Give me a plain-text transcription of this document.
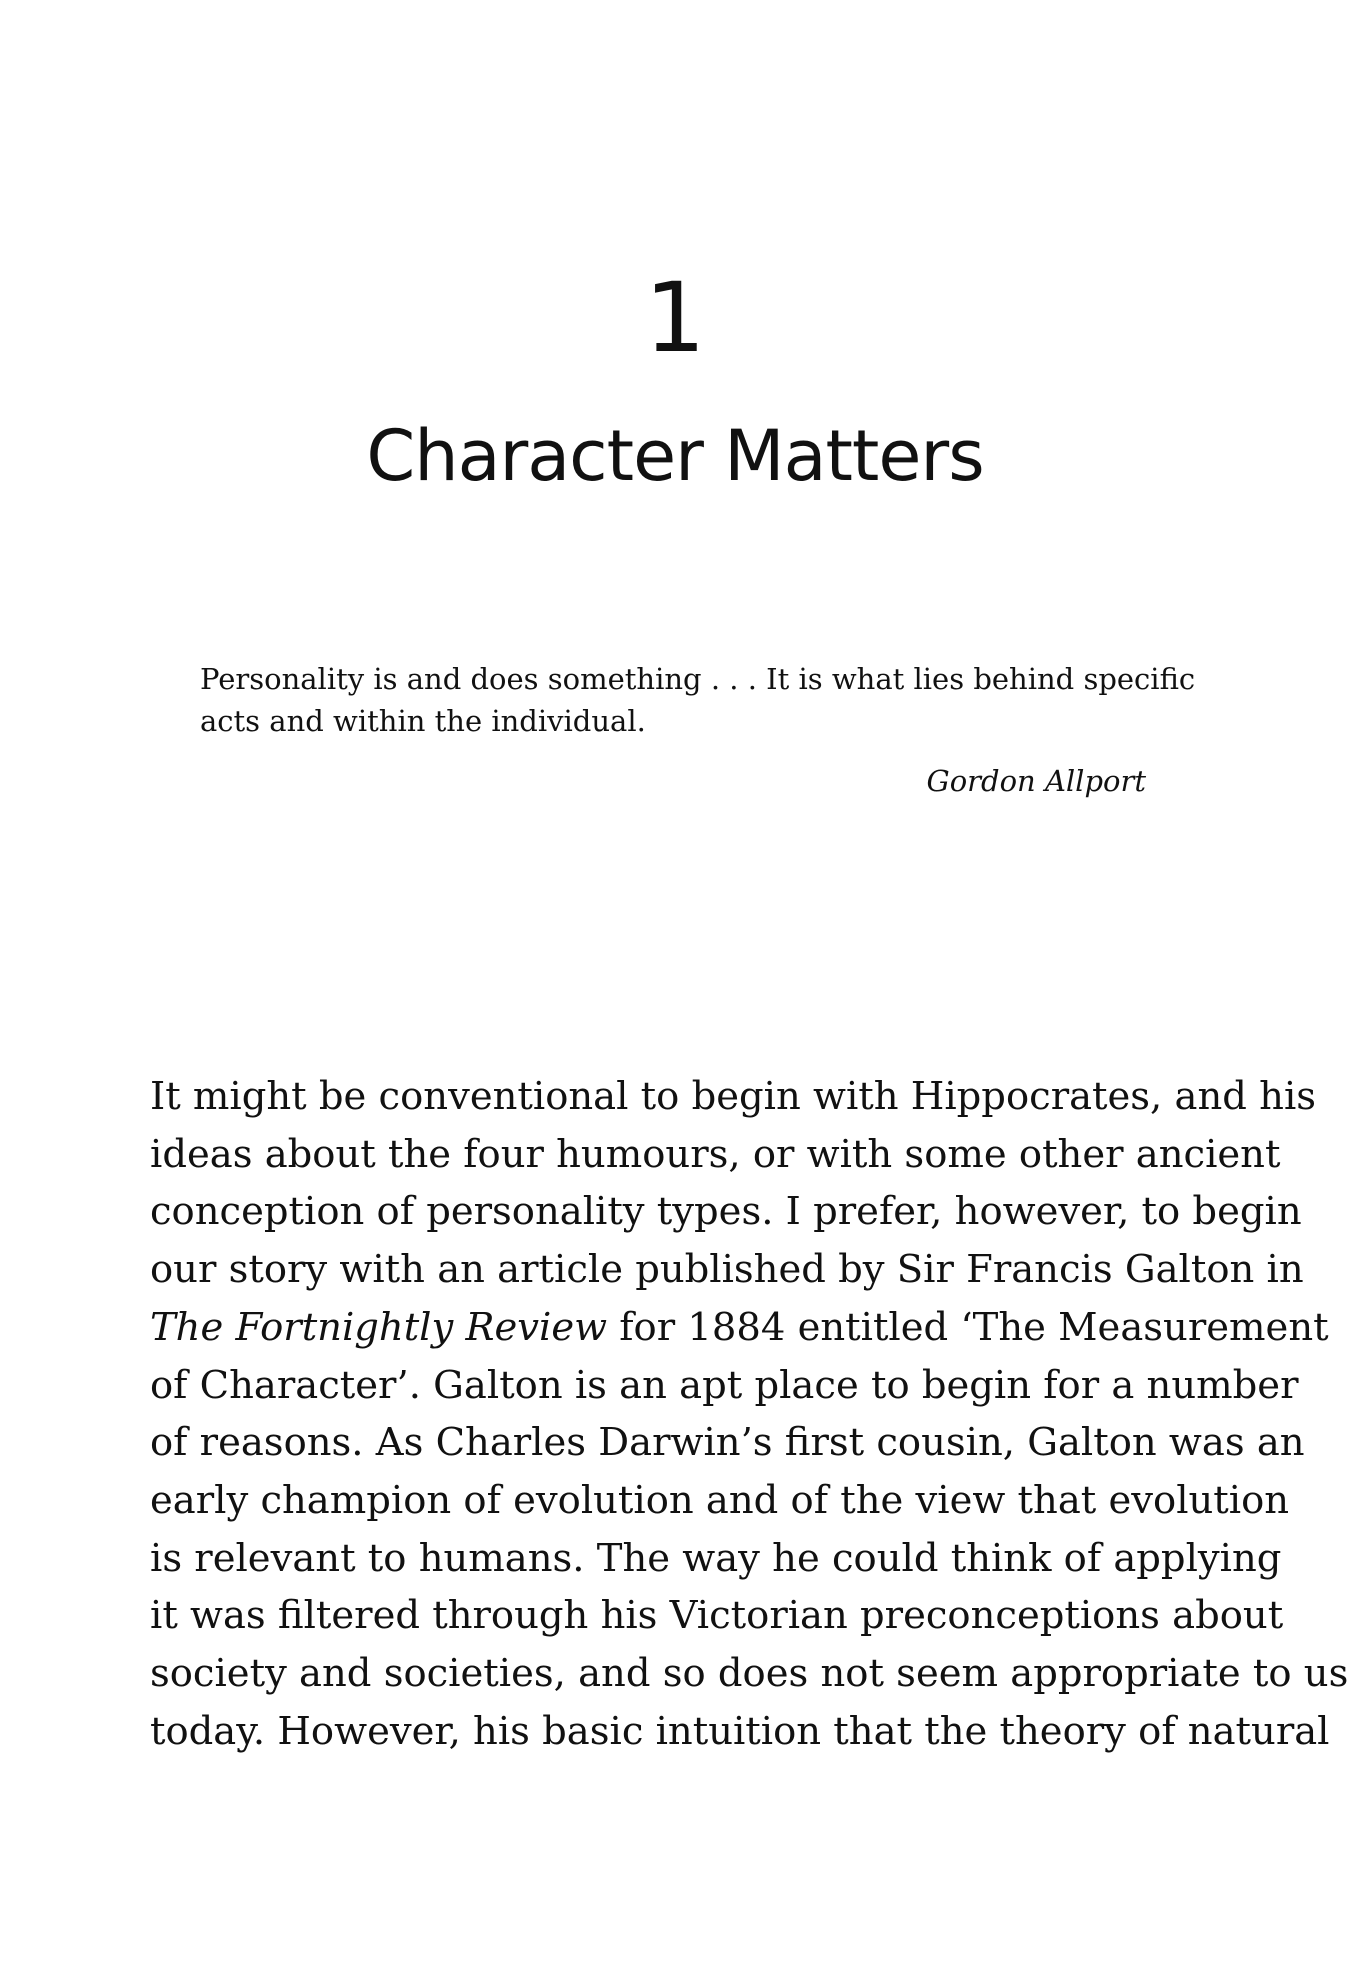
1
Character Matters

Personality is and does something . . . It is what lies behind specific
acts and within the individual.

Gordon Allport

It might be conventional to begin with Hippocrates, and his
ideas about the four humours, or with some other ancient
conception of personality types. I prefer, however, to begin
our story with an article published by Sir Francis Galton in
The Fortnightly Review for 1884 entitled ‘The Measurement
of Character’. Galton is an apt place to begin for a number
of reasons. As Charles Darwin’s first cousin, Galton was an
early champion of evolution and of the view that evolution
is relevant to humans. The way he could think of applying
it was filtered through his Victorian preconceptions about
society and societies, and so does not seem appropriate to us
today. However, his basic intuition that the theory of natural
